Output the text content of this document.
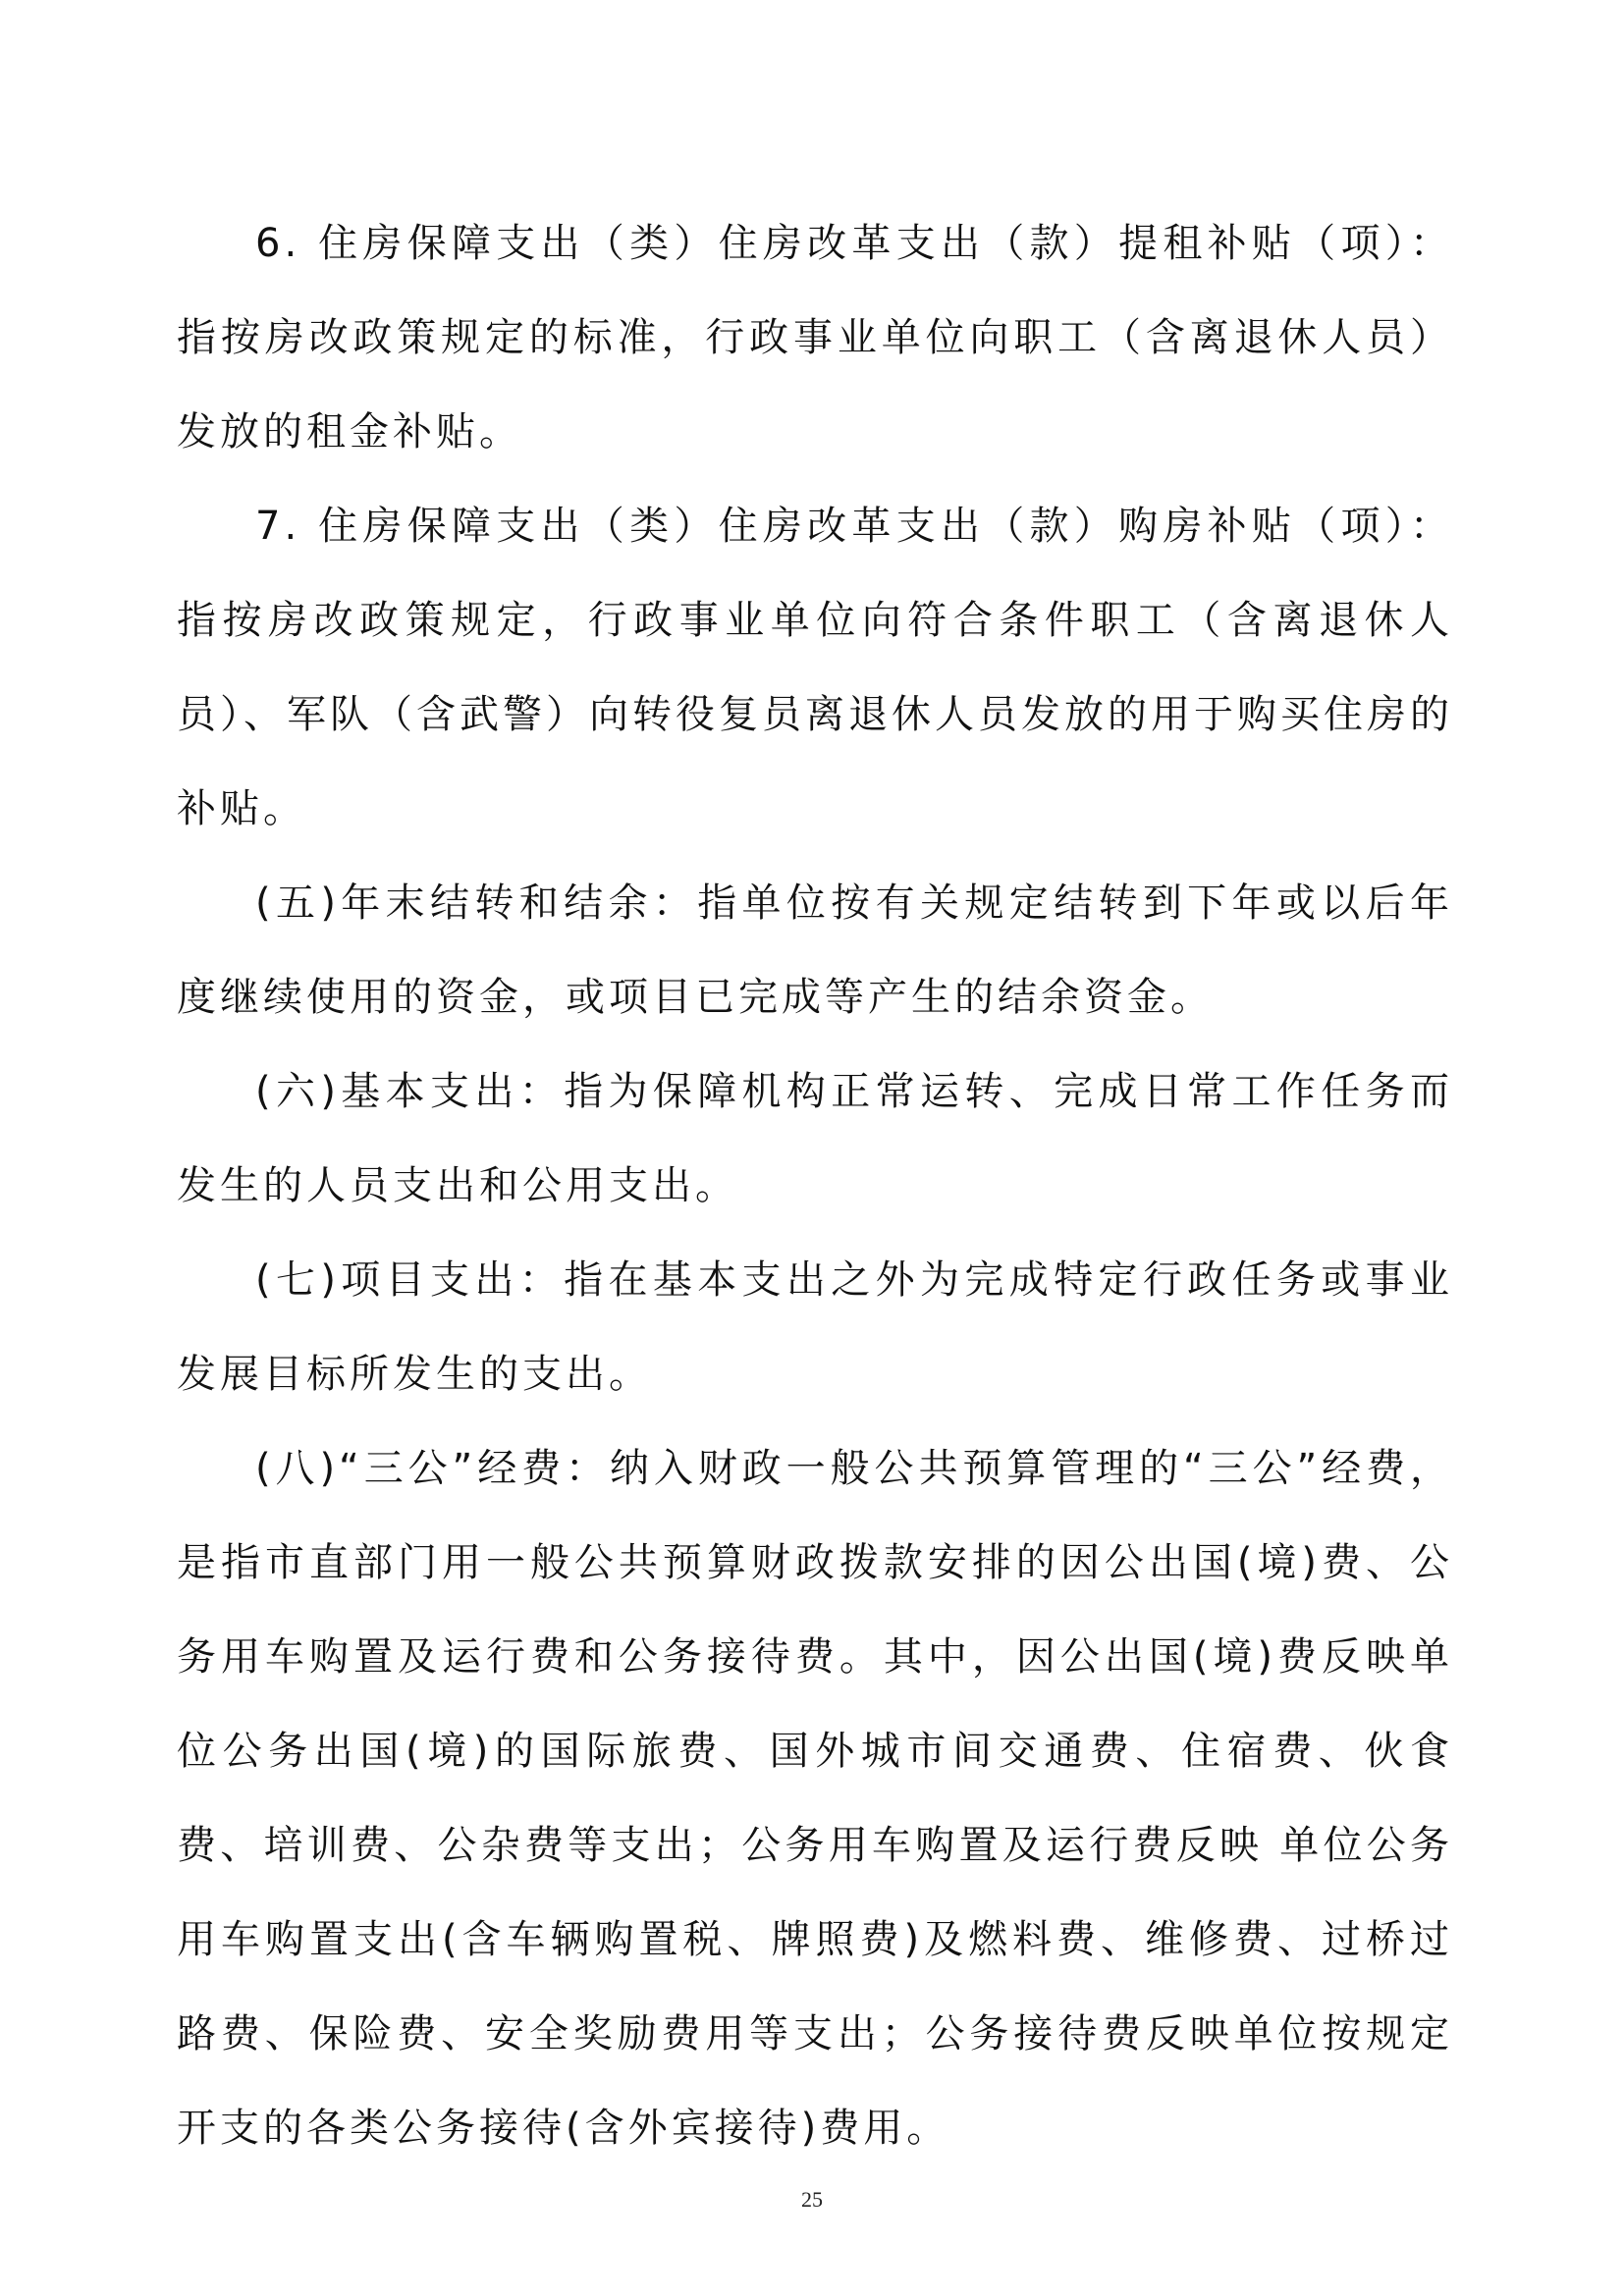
6. 住房保障支出（类）住房改革支出（款）提租补贴（项）：指按房改政策规定的标准，行政事业单位向职工（含离退休人员）发放的租金补贴。

7. 住房保障支出（类）住房改革支出（款）购房补贴（项）：指按房改政策规定，行政事业单位向符合条件职工（含离退休人员）、军队（含武警）向转役复员离退休人员发放的用于购买住房的补贴。

(五)年末结转和结余：指单位按有关规定结转到下年或以后年度继续使用的资金，或项目已完成等产生的结余资金。

(六)基本支出：指为保障机构正常运转、完成日常工作任务而发生的人员支出和公用支出。

(七)项目支出：指在基本支出之外为完成特定行政任务或事业发展目标所发生的支出。

(八)“三公”经费：纳入财政一般公共预算管理的“三公”经费，是指市直部门用一般公共预算财政拨款安排的因公出国(境)费、公务用车购置及运行费和公务接待费。其中，因公出国(境)费反映单位公务出国(境)的国际旅费、国外城市间交通费、住宿费、伙食费、培训费、公杂费等支出；公务用车购置及运行费反映 单位公务用车购置支出(含车辆购置税、牌照费)及燃料费、维修费、过桥过路费、保险费、安全奖励费用等支出；公务接待费反映单位按规定开支的各类公务接待(含外宾接待)费用。

25
